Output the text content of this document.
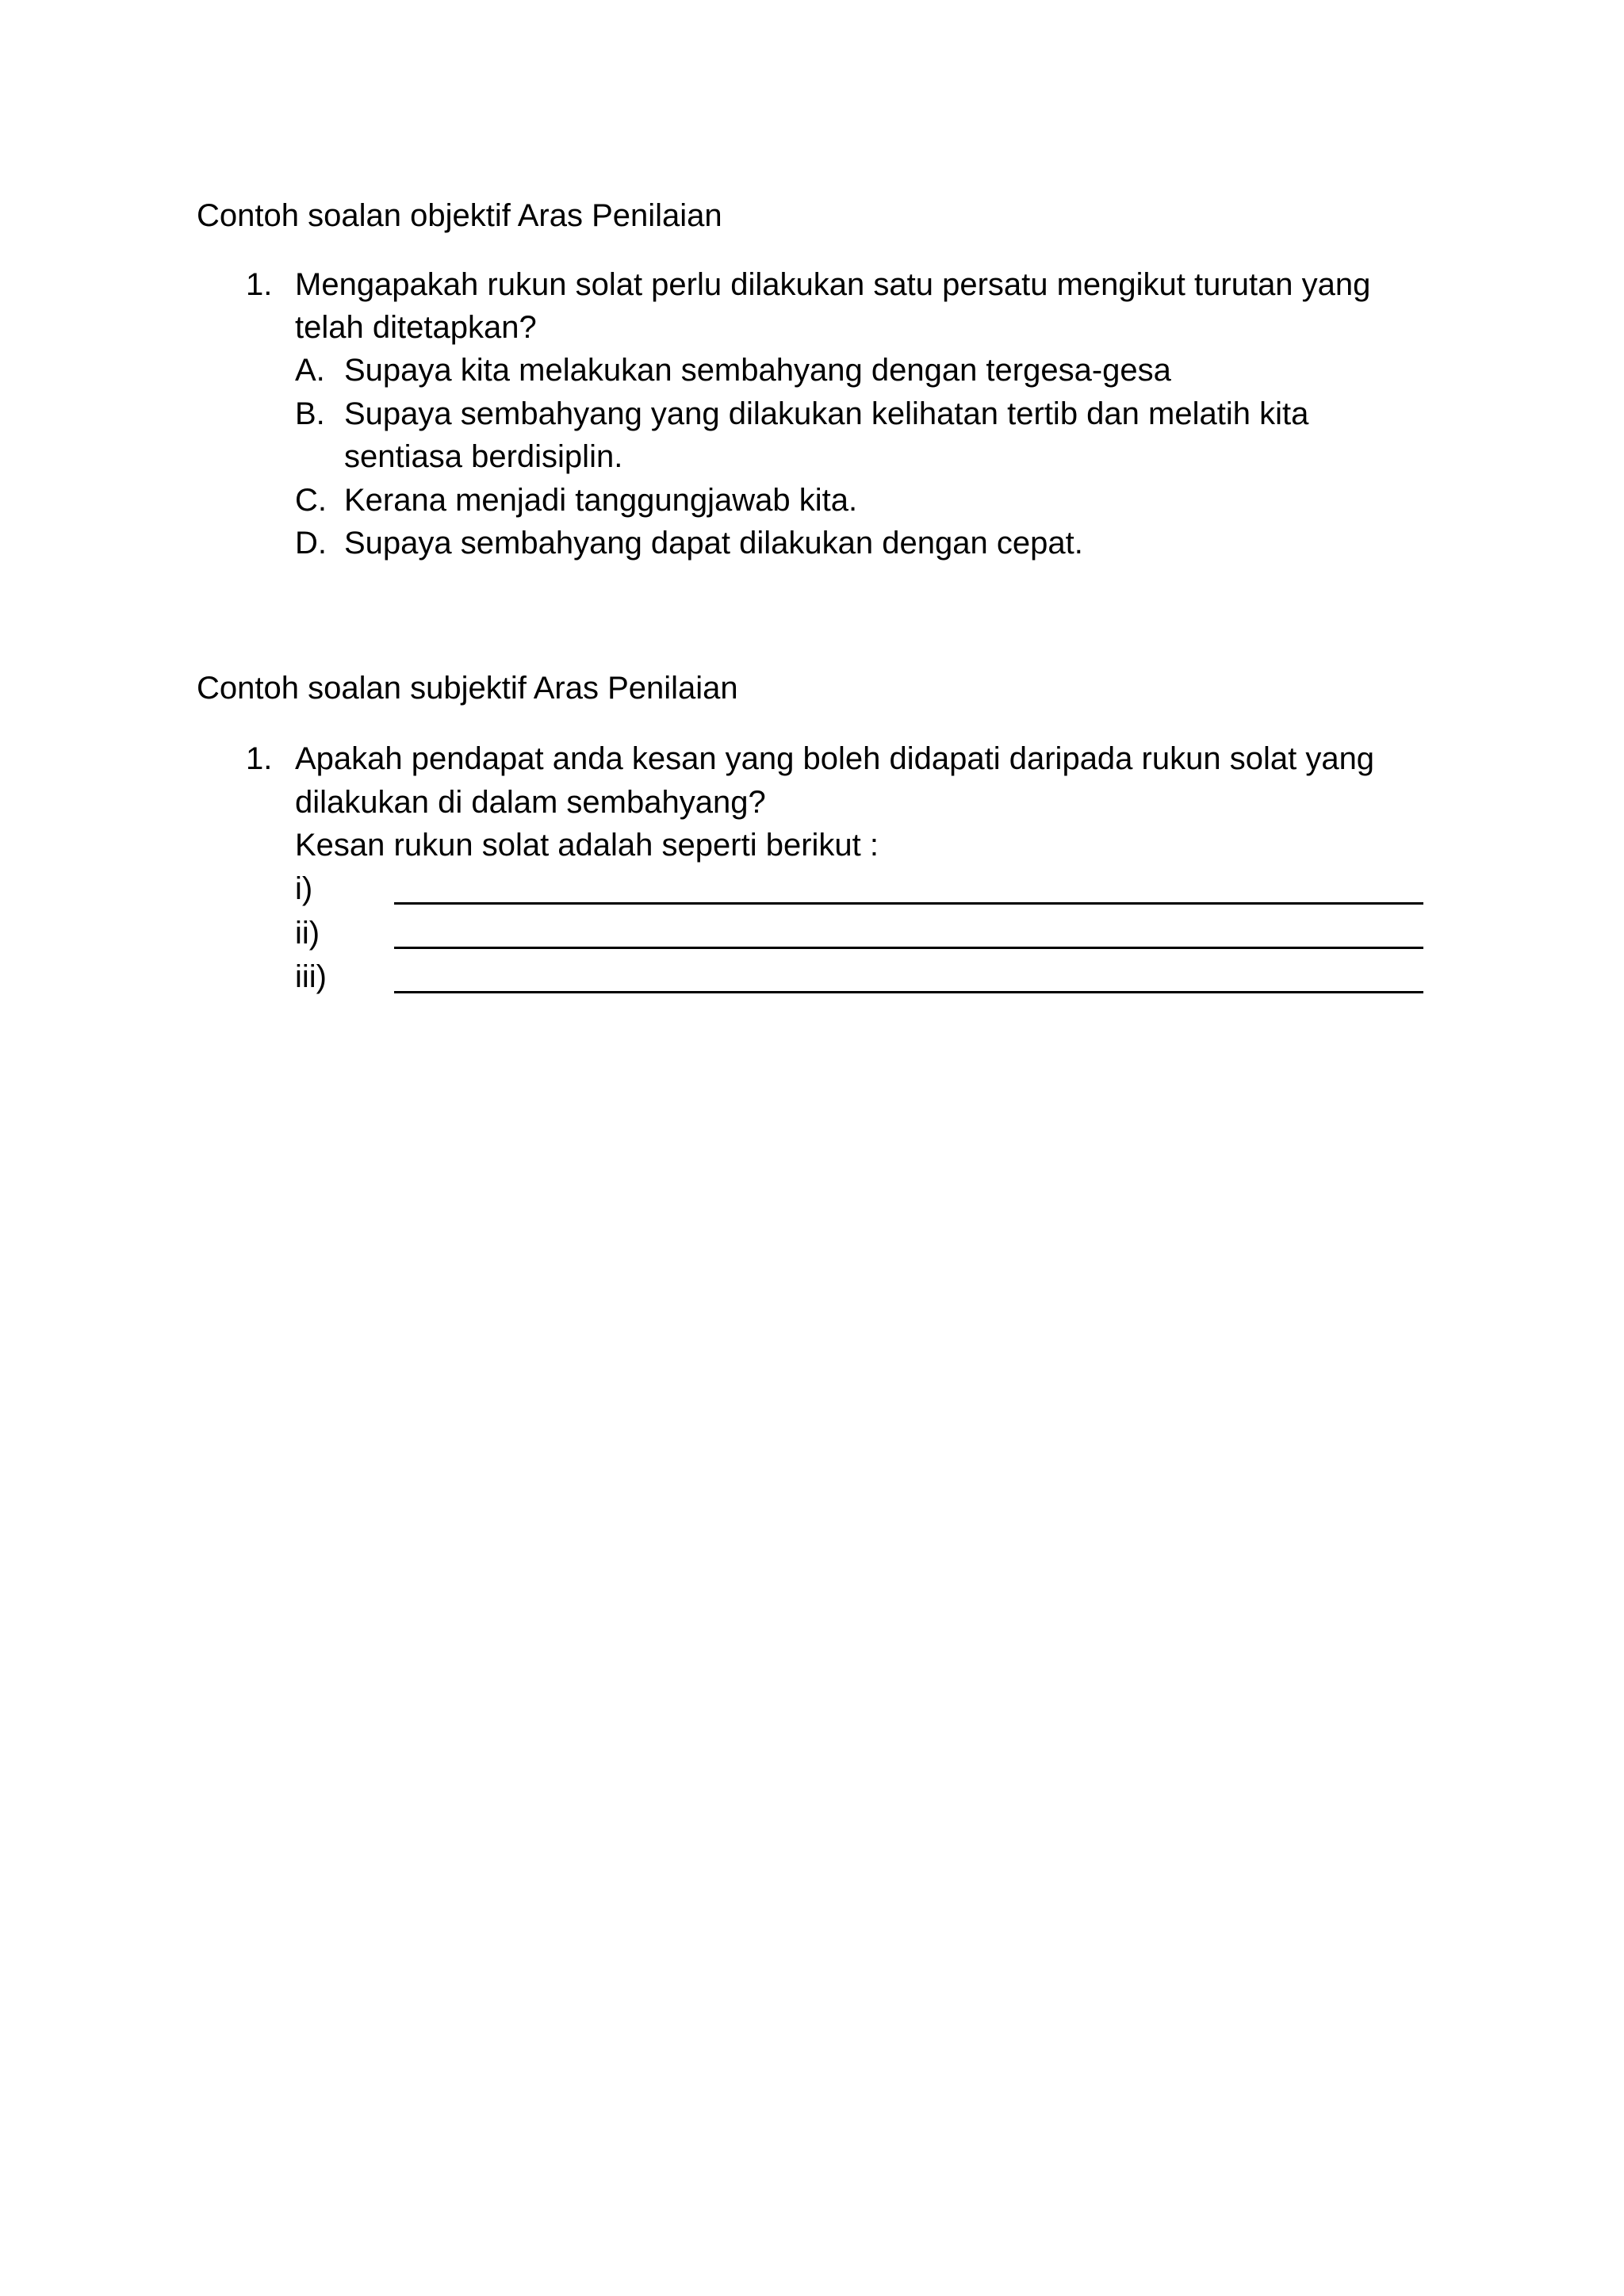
Contoh soalan objektif Aras Penilaian
1. Mengapakah rukun solat perlu dilakukan satu persatu mengikut turutan yang
telah ditetapkan?
A. Supaya kita melakukan sembahyang dengan tergesa-gesa
B. Supaya sembahyang yang dilakukan kelihatan tertib dan melatih kita
sentiasa berdisiplin.
C. Kerana menjadi tanggungjawab kita.
D. Supaya sembahyang dapat dilakukan dengan cepat.
Contoh soalan subjektif Aras Penilaian
1. Apakah pendapat anda kesan yang boleh didapati daripada rukun solat yang
dilakukan di dalam sembahyang?
Kesan rukun solat adalah seperti berikut :
i)
ii)
iii)
